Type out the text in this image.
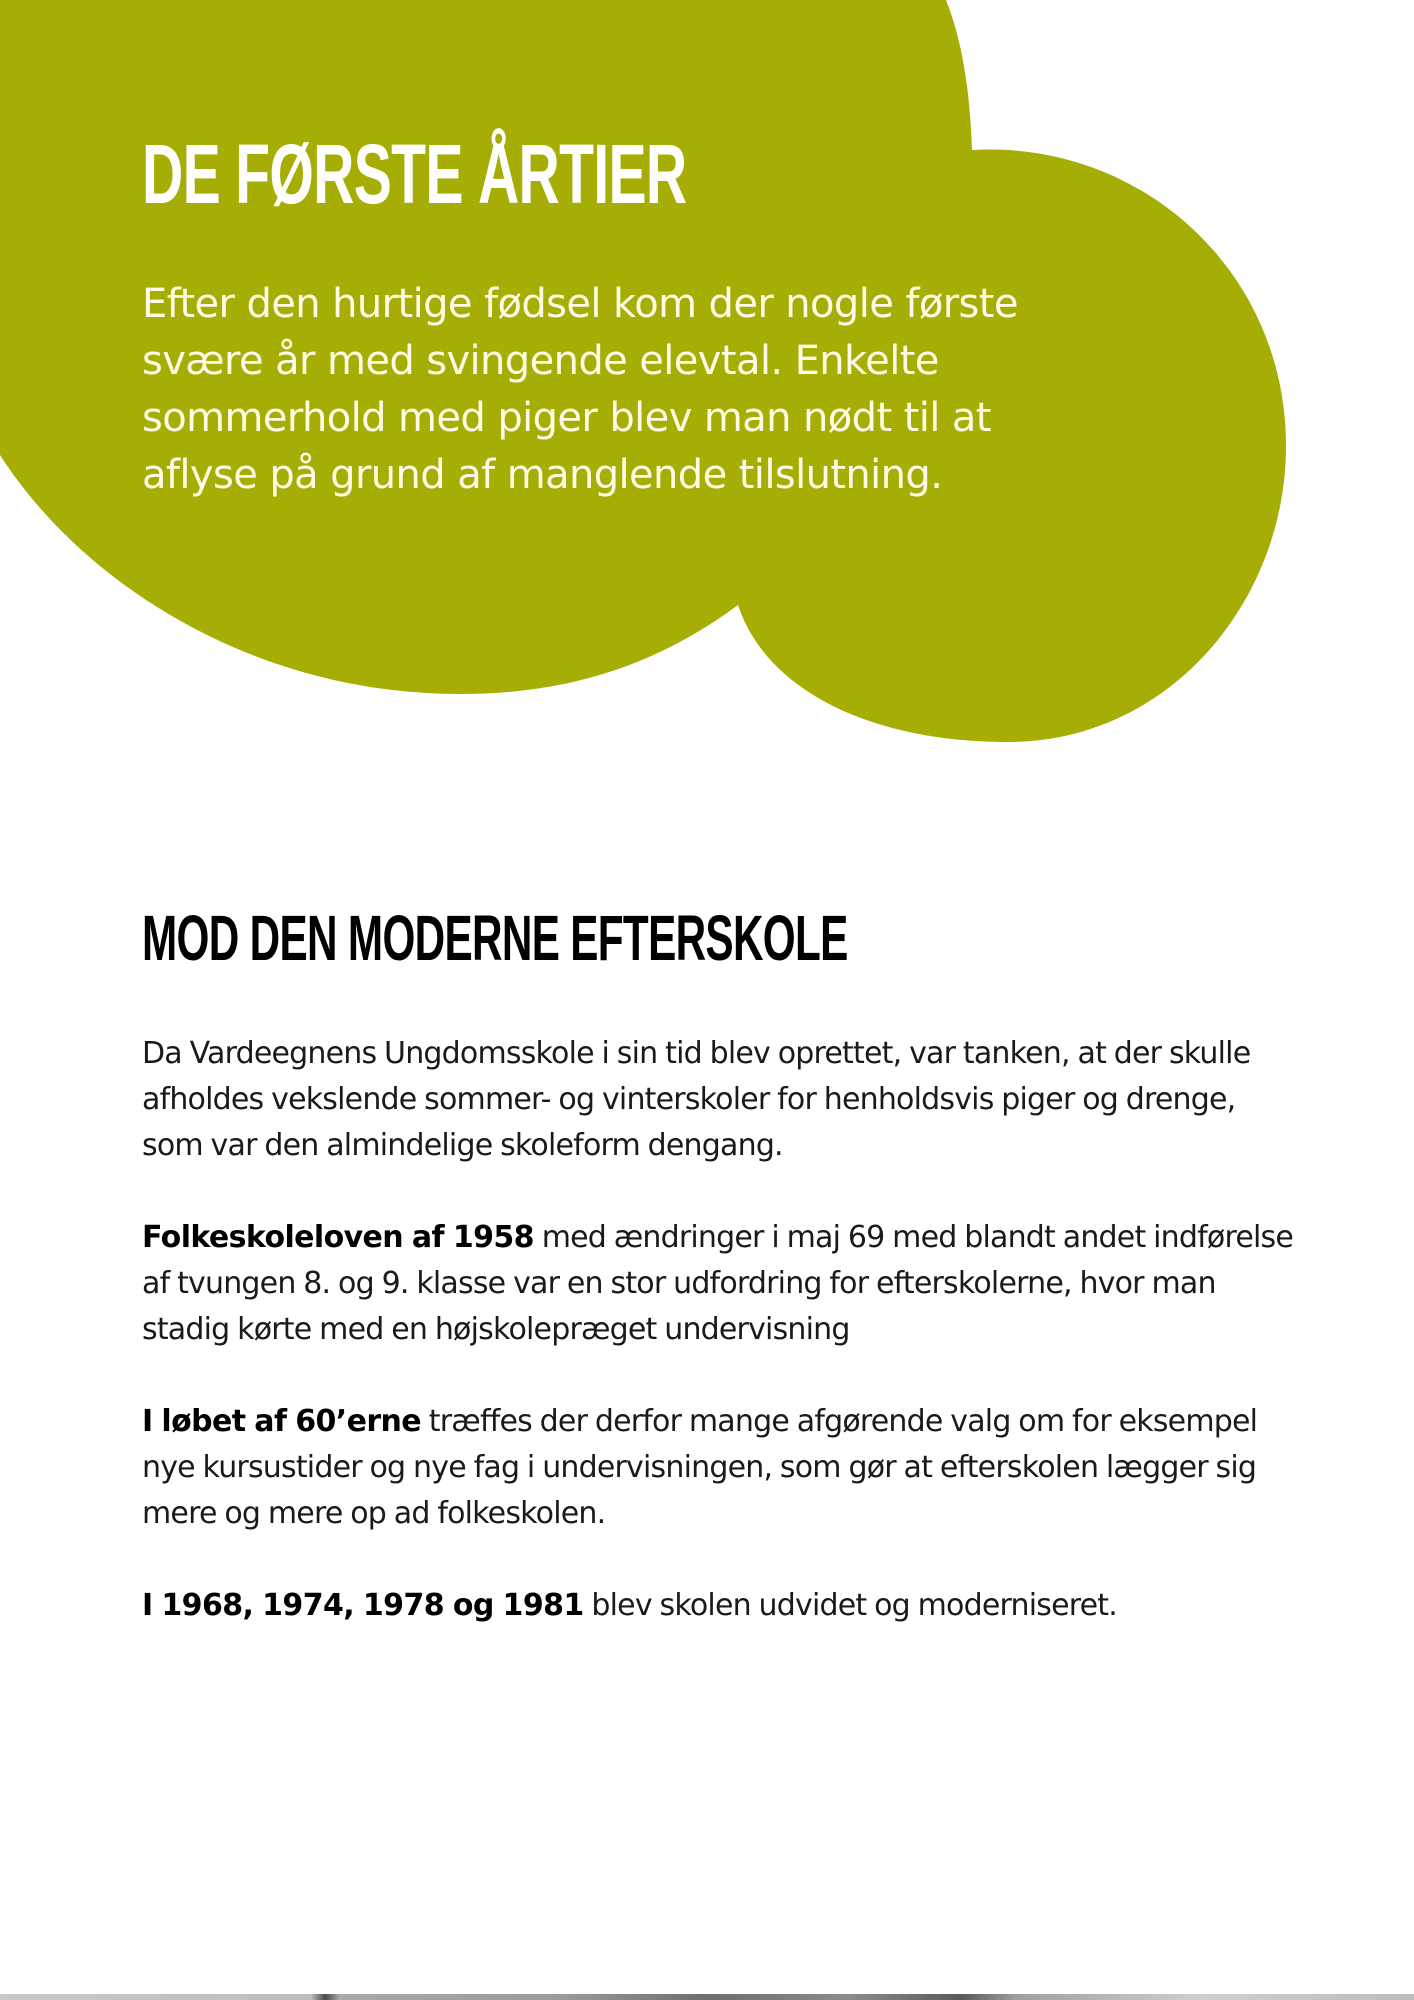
DE FØRSTE ÅRTIER

Efter den hurtige fødsel kom der nogle første svære år med svingende elevtal. Enkelte sommerhold med piger blev man nødt til at aflyse på grund af manglende tilslutning.

MOD DEN MODERNE EFTERSKOLE

Da Vardeegnens Ungdomsskole i sin tid blev oprettet, var tanken, at der skulle afholdes vekslende sommer- og vinterskoler for henholdsvis piger og drenge, som var den almindelige skoleform dengang.

Folkeskoleloven af 1958 med ændringer i maj 69 med blandt andet indførelse af tvungen 8. og 9. klasse var en stor udfordring for efterskolerne, hvor man stadig kørte med en højskolepræget undervisning

I løbet af 60’erne træffes der derfor mange afgørende valg om for eksempel nye kursustider og nye fag i undervisningen, som gør at efterskolen lægger sig mere og mere op ad folkeskolen.

I 1968, 1974, 1978 og 1981 blev skolen udvidet og moderniseret.
